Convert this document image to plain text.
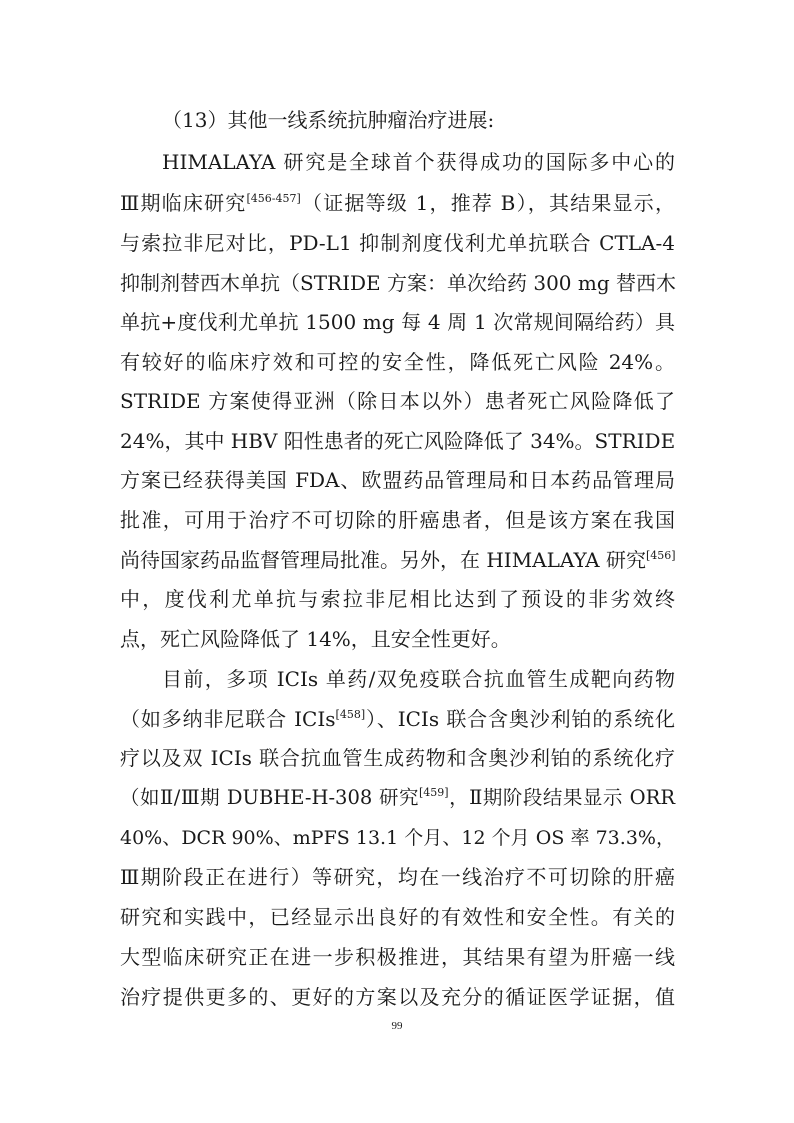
（13）其他一线系统抗肿瘤治疗进展:
HIMALAYA 研究是全球首个获得成功的国际多中心的
Ⅲ期临床研究[456-457]（证据等级 1，推荐 B），其结果显示，
与索拉非尼对比，PD-L1 抑制剂度伐利尤单抗联合 CTLA-4
抑制剂替西木单抗（STRIDE 方案：单次给药 300 mg 替西木
单抗+度伐利尤单抗 1500 mg 每 4 周 1 次常规间隔给药）具
有较好的临床疗效和可控的安全性，降低死亡风险 24%。
STRIDE 方案使得亚洲（除日本以外）患者死亡风险降低了
24%，其中 HBV 阳性患者的死亡风险降低了 34%。STRIDE
方案已经获得美国 FDA、欧盟药品管理局和日本药品管理局
批准，可用于治疗不可切除的肝癌患者，但是该方案在我国
尚待国家药品监督管理局批准。另外，在 HIMALAYA 研究[456]
中，度伐利尤单抗与索拉非尼相比达到了预设的非劣效终
点，死亡风险降低了 14%，且安全性更好。
目前，多项 ICIs 单药/双免疫联合抗血管生成靶向药物
（如多纳非尼联合 ICIs[458]）、ICIs 联合含奥沙利铂的系统化
疗以及双 ICIs 联合抗血管生成药物和含奥沙利铂的系统化疗
（如Ⅱ/Ⅲ期 DUBHE-H-308 研究[459]，Ⅱ期阶段结果显示 ORR
40%、DCR 90%、mPFS 13.1 个月、12 个月 OS 率 73.3%，
Ⅲ期阶段正在进行）等研究，均在一线治疗不可切除的肝癌
研究和实践中，已经显示出良好的有效性和安全性。有关的
大型临床研究正在进一步积极推进，其结果有望为肝癌一线
治疗提供更多的、更好的方案以及充分的循证医学证据，值
99
